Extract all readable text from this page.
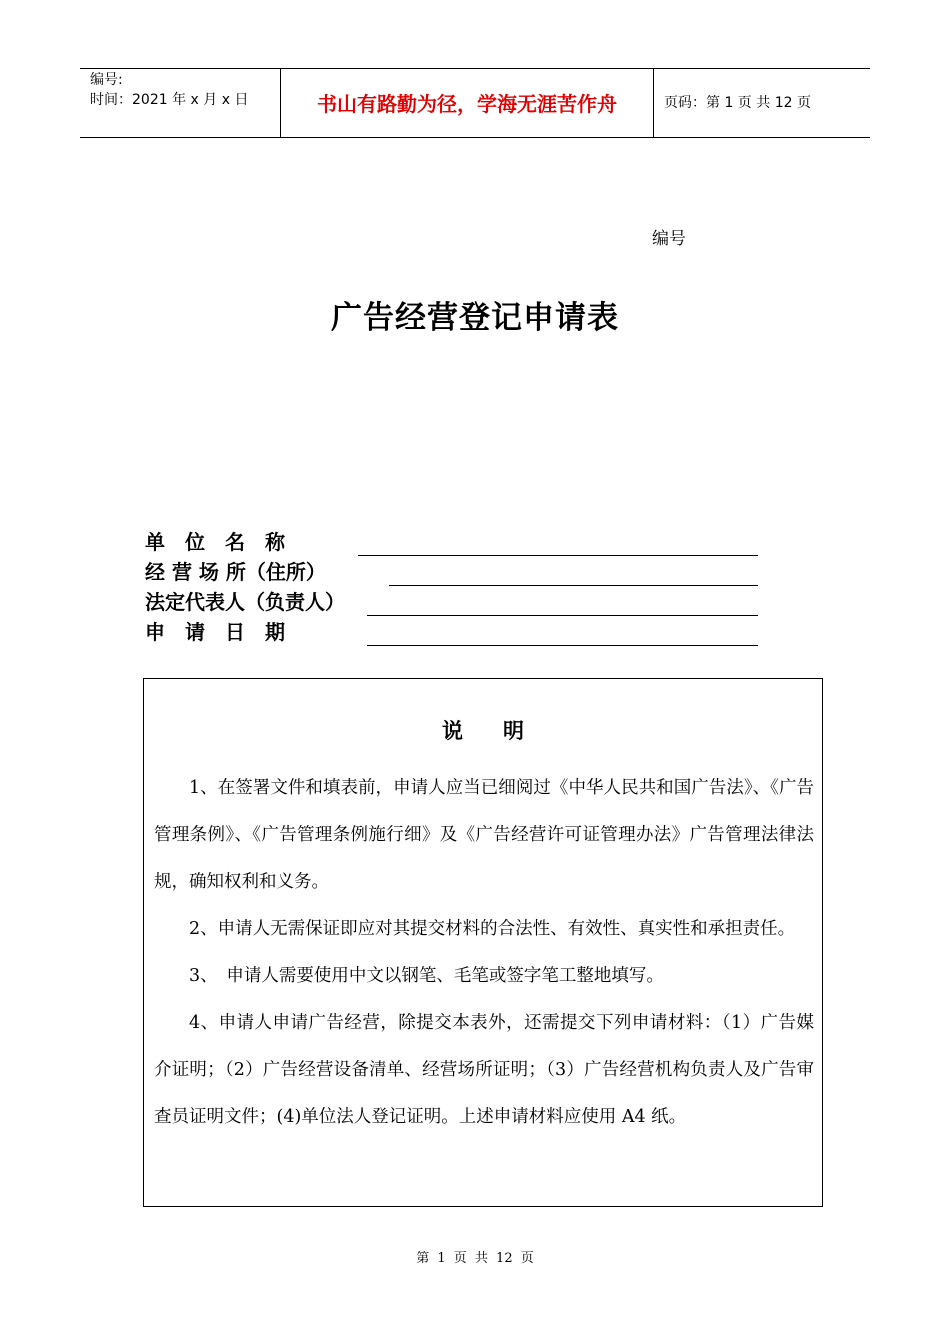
编号:
时间：2021 年 x 月 x 日	书山有路勤为径，学海无涯苦作舟	页码：第 1 页 共 12 页
编号
广告经营登记申请表
单　位　名　称
经 营 场 所（住所）
法定代表人（负责人）
申　请　日　期
说明

1、在签署文件和填表前，申请人应当已细阅过《中华人民共和国广告法》、《广告管理条例》、《广告管理条例施行细》及《广告经营许可证管理办法》广告管理法律法规，确知权利和义务。

2、申请人无需保证即应对其提交材料的合法性、有效性、真实性和承担责任。

3、　申请人需要使用中文以钢笔、毛笔或签字笔工整地填写。

4、申请人申请广告经营，除提交本表外，还需提交下列申请材料：（1）广告媒介证明；（2）广告经营设备清单、经营场所证明；（3）广告经营机构负责人及广告审查员证明文件；(4)单位法人登记证明。上述申请材料应使用 A4 纸。

第 1 页 共 12 页
